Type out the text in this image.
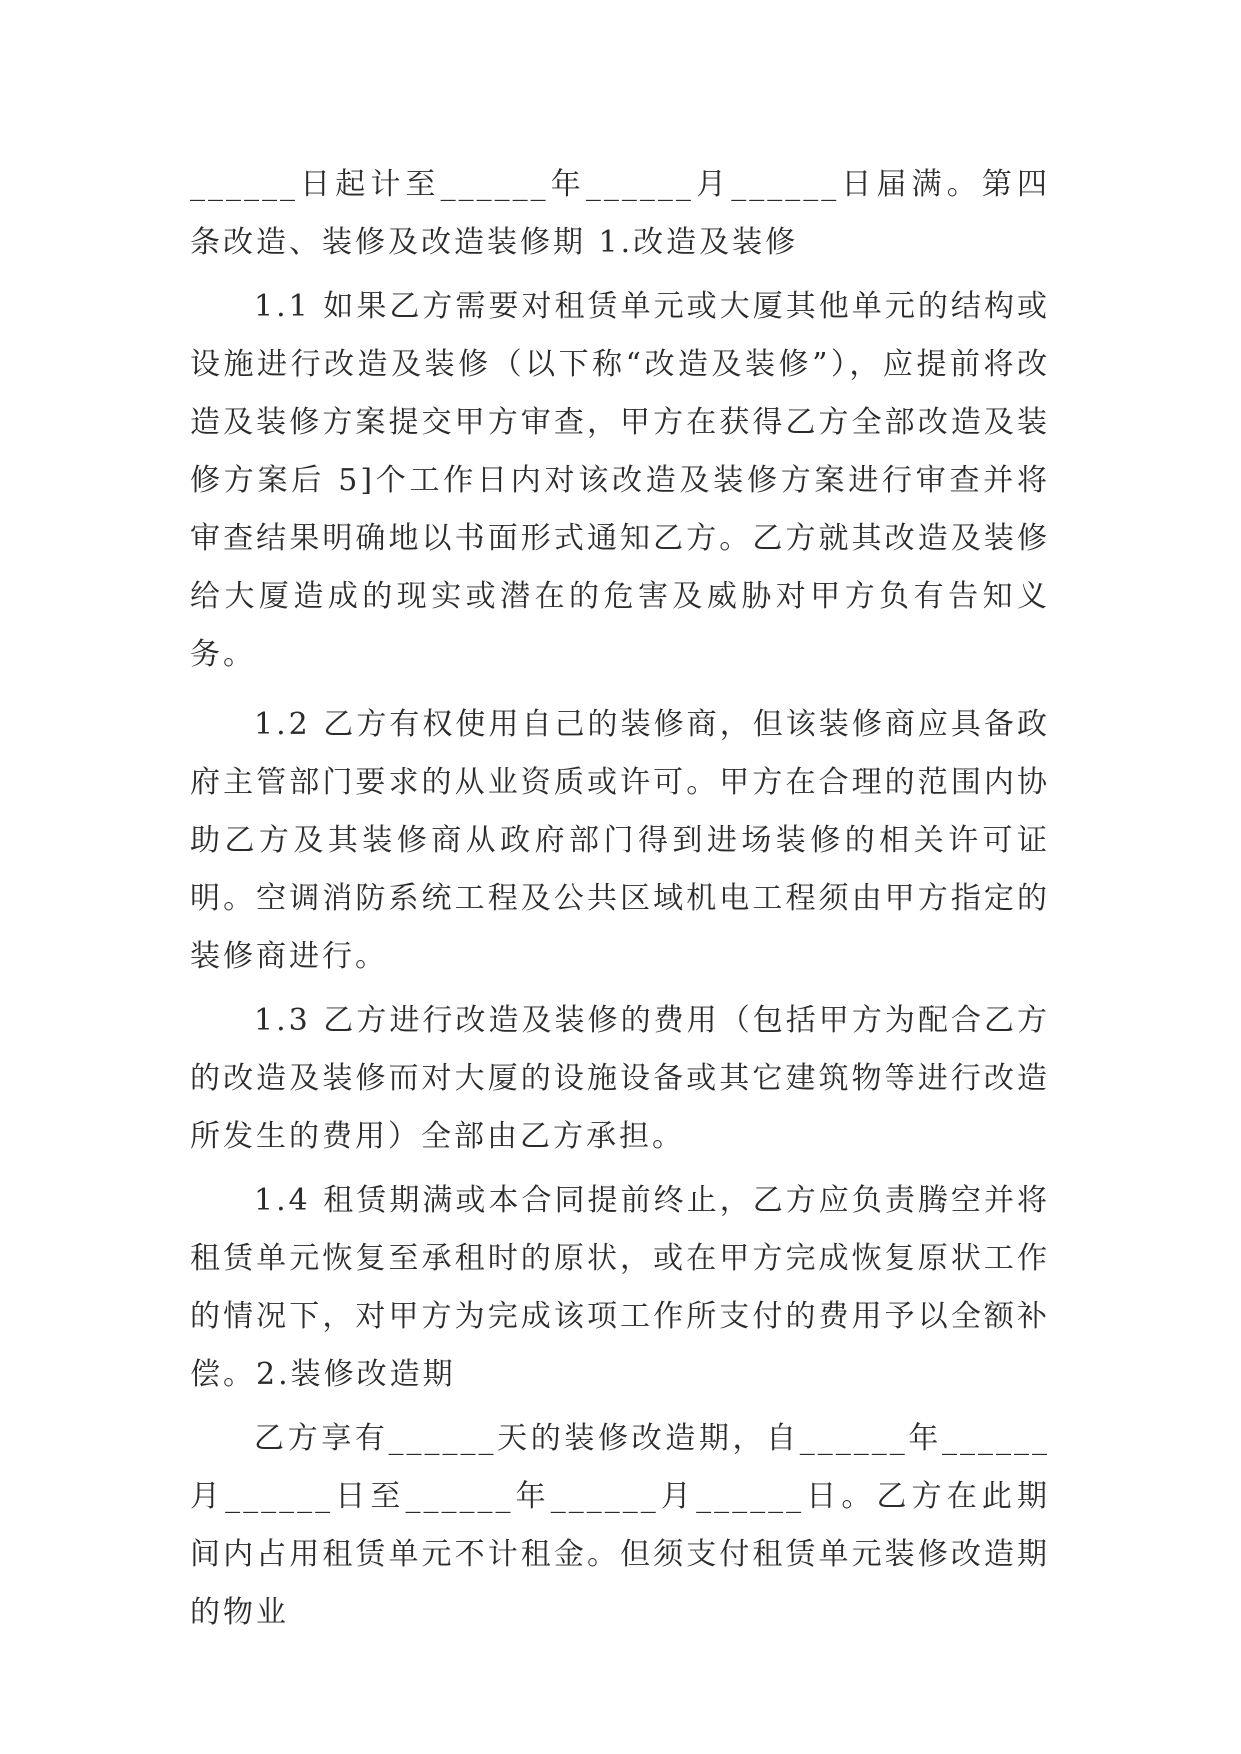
______日起计至______年______月______日届满。第四条改造、装修及改造装修期 1.改造及装修

1.1 如果乙方需要对租赁单元或大厦其他单元的结构或设施进行改造及装修（以下称“改造及装修”），应提前将改造及装修方案提交甲方审查，甲方在获得乙方全部改造及装修方案后 5]个工作日内对该改造及装修方案进行审查并将审查结果明确地以书面形式通知乙方。乙方就其改造及装修给大厦造成的现实或潜在的危害及威胁对甲方负有告知义务。

1.2 乙方有权使用自己的装修商，但该装修商应具备政府主管部门要求的从业资质或许可。甲方在合理的范围内协助乙方及其装修商从政府部门得到进场装修的相关许可证明。空调消防系统工程及公共区域机电工程须由甲方指定的装修商进行。

1.3 乙方进行改造及装修的费用（包括甲方为配合乙方的改造及装修而对大厦的设施设备或其它建筑物等进行改造所发生的费用）全部由乙方承担。

1.4 租赁期满或本合同提前终止，乙方应负责腾空并将租赁单元恢复至承租时的原状，或在甲方完成恢复原状工作的情况下，对甲方为完成该项工作所支付的费用予以全额补偿。2.装修改造期

乙方享有______天的装修改造期，自______年______月______日至______年______月______日。乙方在此期间内占用租赁单元不计租金。但须支付租赁单元装修改造期的物业
